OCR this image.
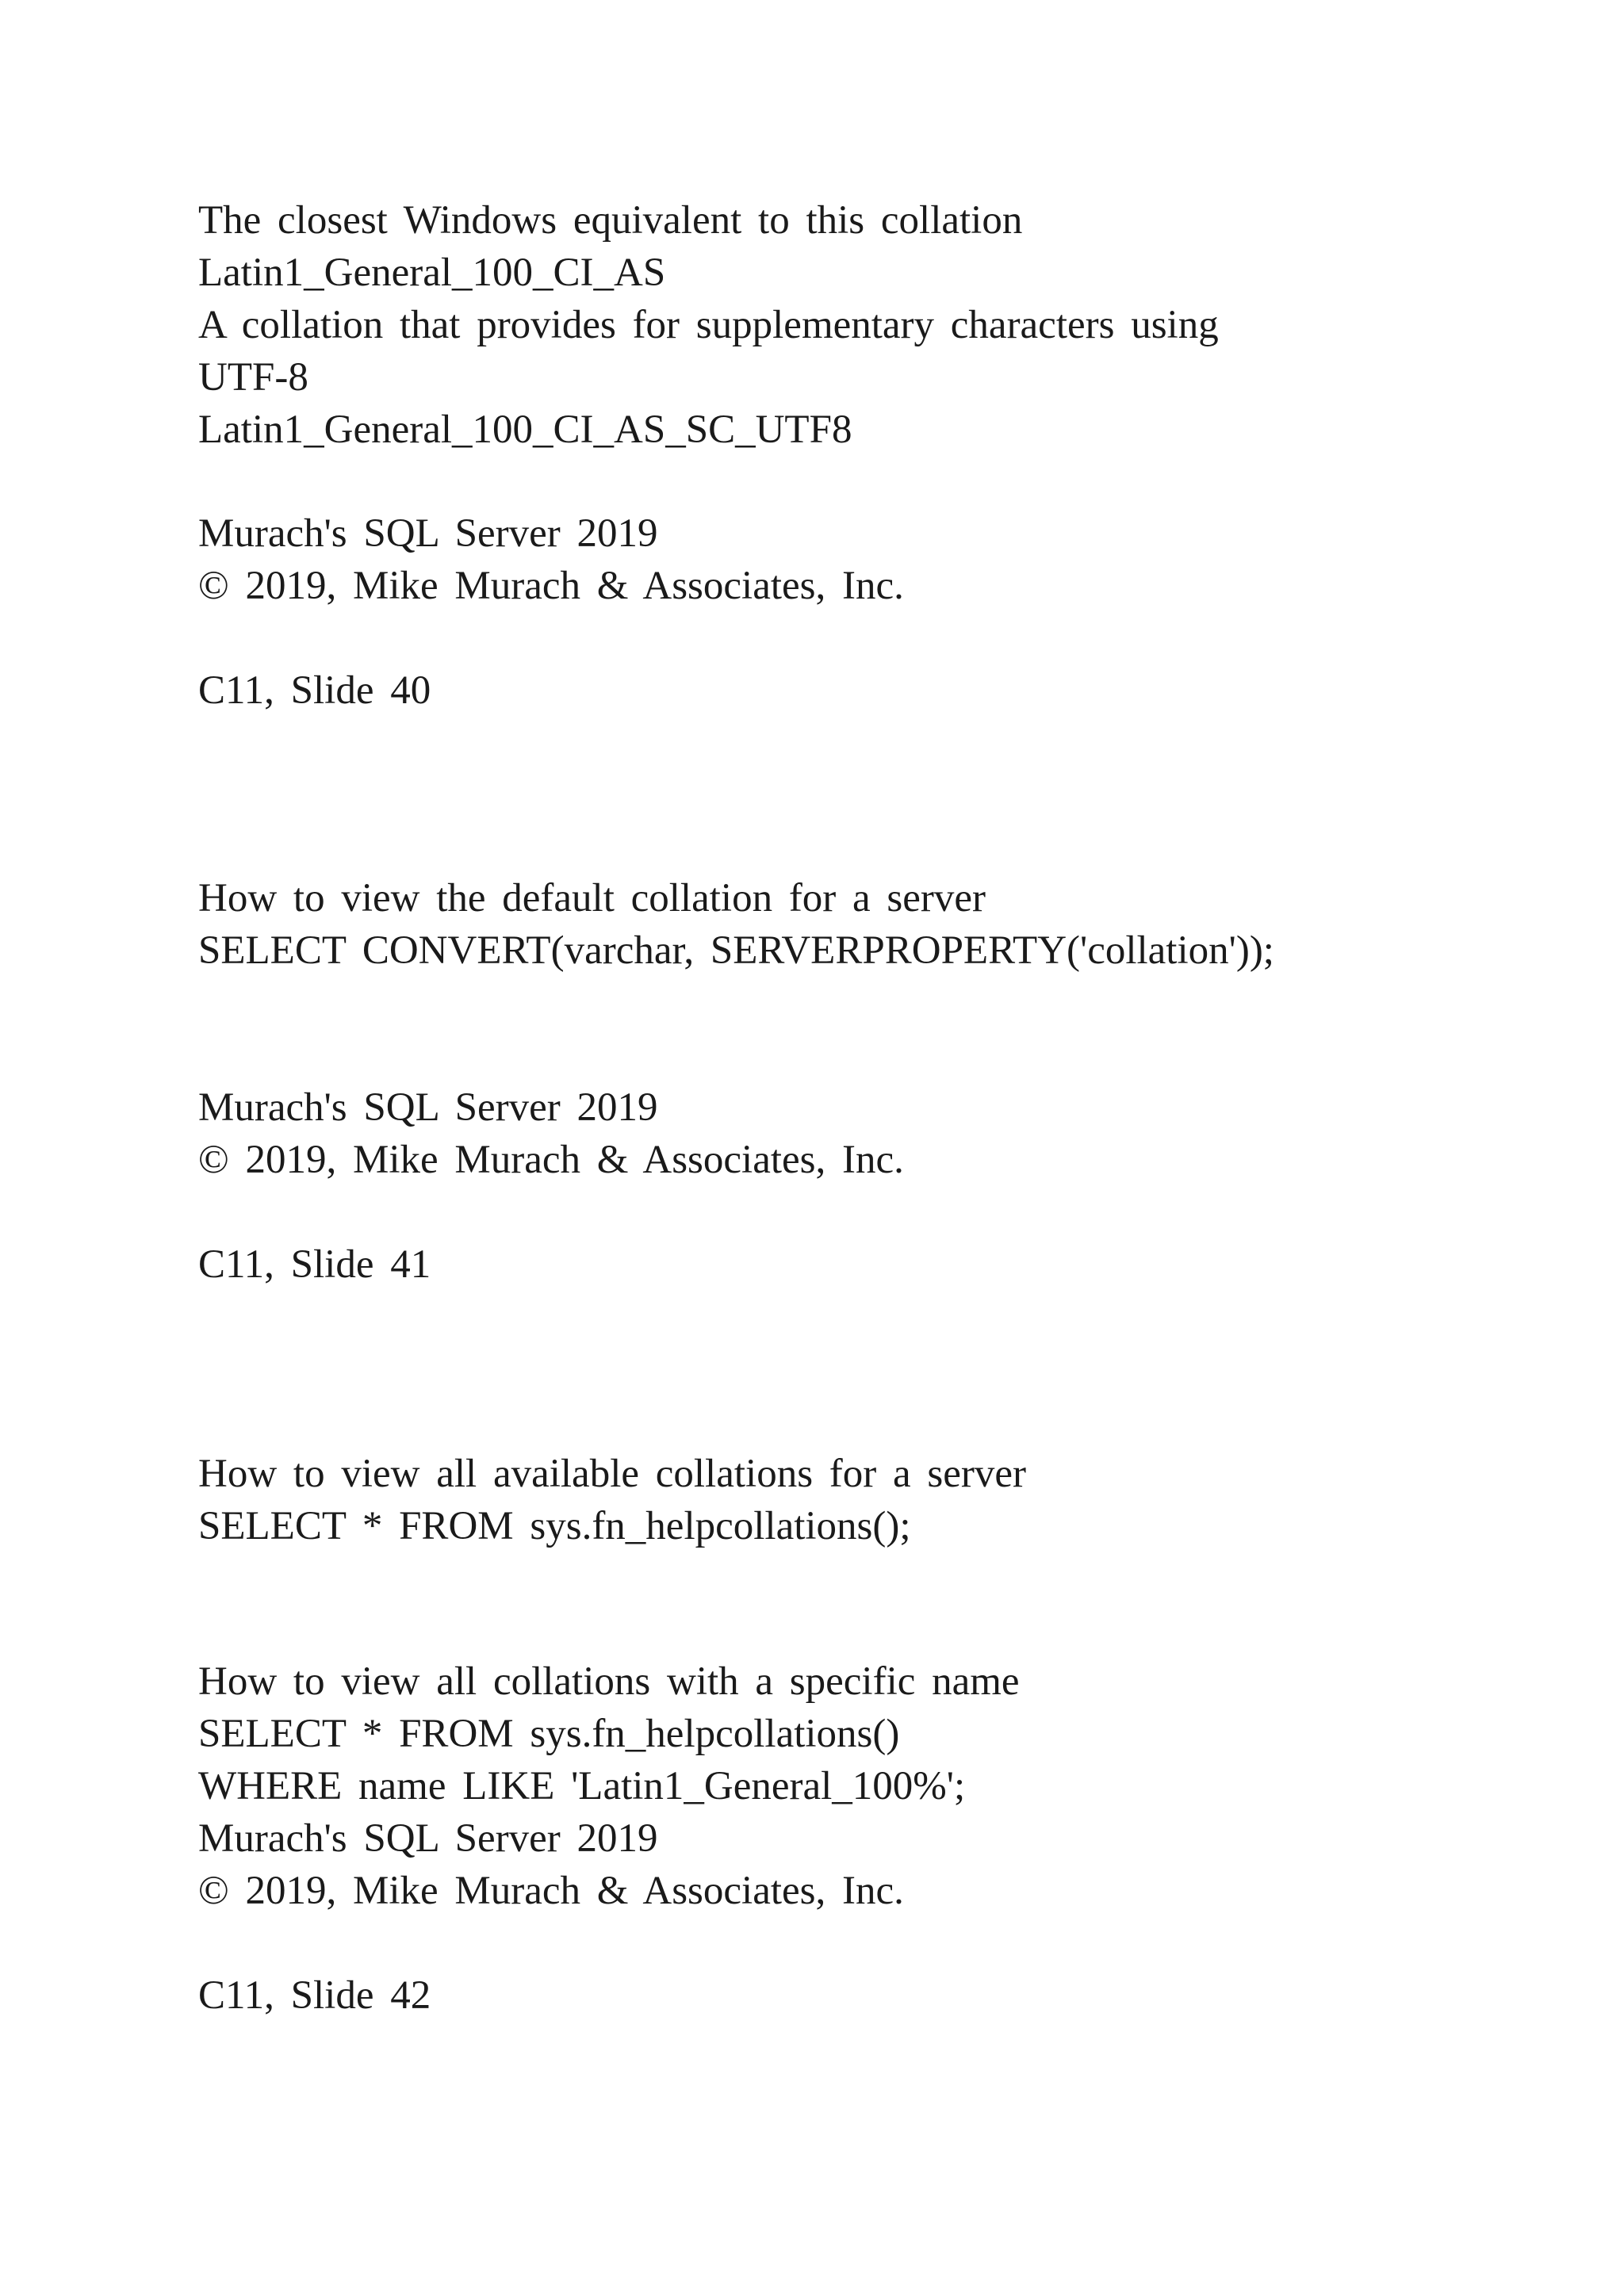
The closest Windows equivalent to this collation
Latin1_General_100_CI_AS
A collation that provides for supplementary characters using
UTF-8
Latin1_General_100_CI_AS_SC_UTF8
Murach's SQL Server 2019
© 2019, Mike Murach & Associates, Inc.
C11, Slide 40
How to view the default collation for a server
SELECT CONVERT(varchar, SERVERPROPERTY('collation'));
Murach's SQL Server 2019
© 2019, Mike Murach & Associates, Inc.
C11, Slide 41
How to view all available collations for a server
SELECT * FROM sys.fn_helpcollations();
How to view all collations with a specific name
SELECT * FROM sys.fn_helpcollations()
WHERE name LIKE 'Latin1_General_100%';
Murach's SQL Server 2019
© 2019, Mike Murach & Associates, Inc.
C11, Slide 42
